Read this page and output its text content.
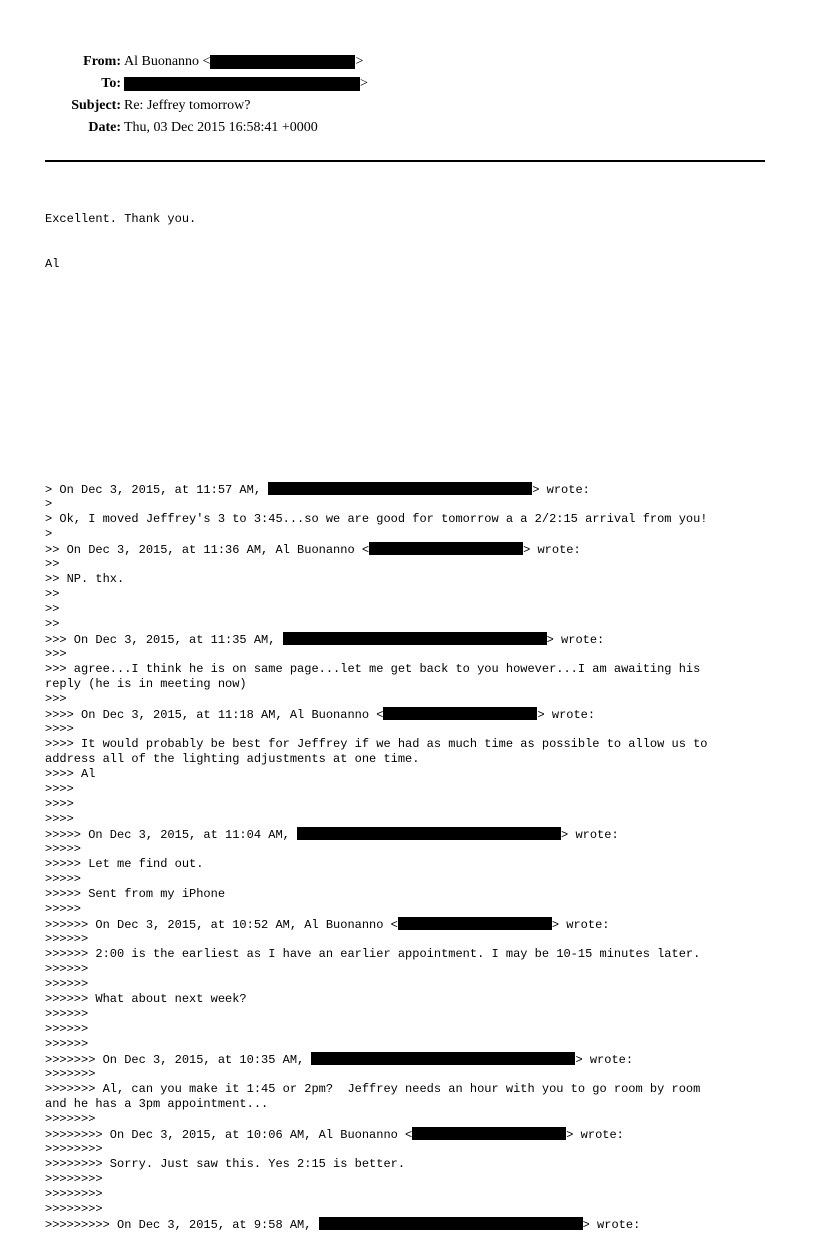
From: Al Buonanno <	>
To:	>
Subject: Re: Jeffrey tomorrow?
Date: Thu, 03 Dec 2015 16:58:41 +0000

Excellent. Thank you.

Al

> On Dec 3, 2015, at 11:57 AM,	> wrote:
>
> Ok, I moved Jeffrey's 3 to 3:45...so we are good for tomorrow a a 2/2:15 arrival from you!
>
>> On Dec 3, 2015, at 11:36 AM, Al Buonanno <	> wrote:
>>
>> NP. thx.
>>
>>
>>
>>> On Dec 3, 2015, at 11:35 AM,	> wrote:
>>>
>>> agree...I think he is on same page...let me get back to you however...I am awaiting his
reply (he is in meeting now)
>>>
>>>> On Dec 3, 2015, at 11:18 AM, Al Buonanno <	> wrote:
>>>>
>>>> It would probably be best for Jeffrey if we had as much time as possible to allow us to
address all of the lighting adjustments at one time.
>>>> Al
>>>>
>>>>
>>>>
>>>>> On Dec 3, 2015, at 11:04 AM,	> wrote:
>>>>>
>>>>> Let me find out.
>>>>>
>>>>> Sent from my iPhone
>>>>>
>>>>>> On Dec 3, 2015, at 10:52 AM, Al Buonanno <	> wrote:
>>>>>>
>>>>>> 2:00 is the earliest as I have an earlier appointment. I may be 10-15 minutes later.
>>>>>>
>>>>>>
>>>>>> What about next week?
>>>>>>
>>>>>>
>>>>>>
>>>>>>> On Dec 3, 2015, at 10:35 AM,	> wrote:
>>>>>>>
>>>>>>> Al, can you make it 1:45 or 2pm?  Jeffrey needs an hour with you to go room by room
and he has a 3pm appointment...
>>>>>>>
>>>>>>>> On Dec 3, 2015, at 10:06 AM, Al Buonanno <	> wrote:
>>>>>>>>
>>>>>>>> Sorry. Just saw this. Yes 2:15 is better.
>>>>>>>>
>>>>>>>>
>>>>>>>>
>>>>>>>>> On Dec 3, 2015, at 9:58 AM,	> wrote:
